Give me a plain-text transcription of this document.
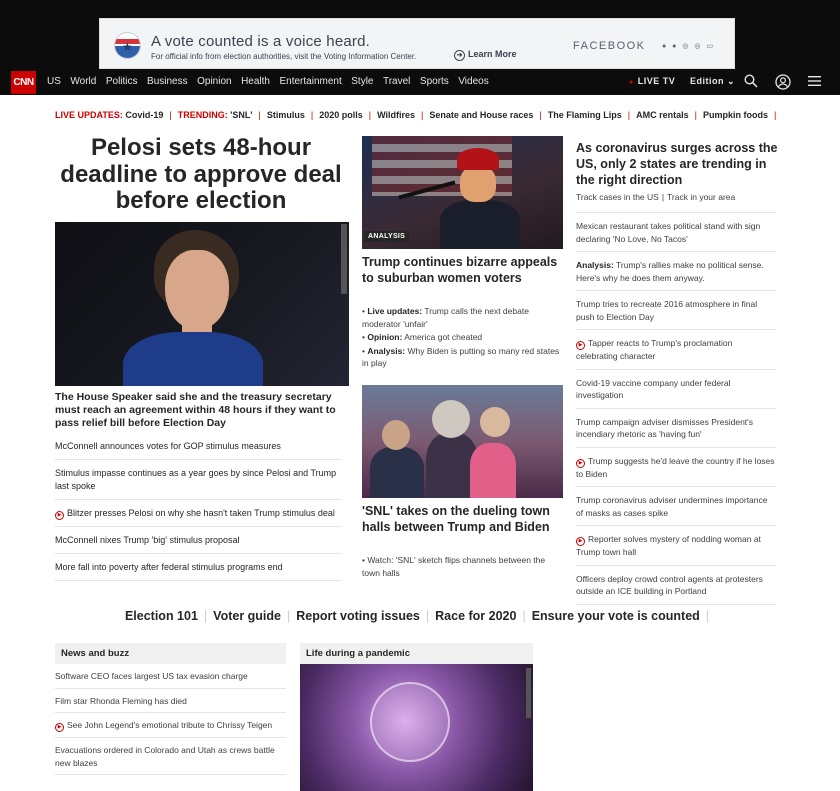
★ A vote counted is a voice heard.
For official info from election authorities, visit the Voting Information Center.	➜ Learn More
FACEBOOK ● ● ◎ ◎ ▭
CNN US World Politics Business Opinion Health Entertainment Style Travel Sports Videos	● LIVE TV Edition ⌄
LIVE UPDATES:
Covid-19 | TRENDING:
'SNL' | Stimulus | 2020 polls | Wildfires | Senate and House races | The Flaming Lips | AMC rentals | Pumpkin foods |
Pelosi sets 48-hour deadline to approve deal before election
The House Speaker said she and the treasury secretary must reach an agreement within 48 hours if they want to pass relief bill before Election Day
McConnell announces votes for GOP stimulus measures
Stimulus impasse continues as a year goes by since Pelosi and Trump last spoke
▶ Blitzer presses Pelosi on why she hasn't taken Trump stimulus deal
McConnell nixes Trump 'big' stimulus proposal
More fall into poverty after federal stimulus programs end
ANALYSIS
Trump continues bizarre appeals to suburban women voters
• Live updates: Trump calls the next debate moderator 'unfair'
• Opinion: America got cheated
• Analysis: Why Biden is putting so many red states in play
'SNL' takes on the dueling town halls between Trump and Biden
• Watch: 'SNL' sketch flips channels between the town halls
As coronavirus surges across the US, only 2 states are trending in the right direction
Track cases in the US | Track in your area
Mexican restaurant takes political stand with sign declaring 'No Love, No Tacos'
Analysis: Trump's rallies make no political sense. Here's why he does them anyway.
Trump tries to recreate 2016 atmosphere in final push to Election Day
▶ Tapper reacts to Trump's proclamation celebrating character
Covid-19 vaccine company under federal investigation
Trump campaign adviser dismisses President's incendiary rhetoric as 'having fun'
▶ Trump suggests he'd leave the country if he loses to Biden
Trump coronavirus adviser undermines importance of masks as cases spike
▶ Reporter solves mystery of nodding woman at Trump town hall
Officers deploy crowd control agents at protesters outside an ICE building in Portland
Election 101 | Voter guide | Report voting issues | Race for 2020 | Ensure your vote is counted |
News and buzz
Software CEO faces largest US tax evasion charge
Film star Rhonda Fleming has died
▶ See John Legend's emotional tribute to Chrissy Teigen
Evacuations ordered in Colorado and Utah as crews battle new blazes
Life during a pandemic
